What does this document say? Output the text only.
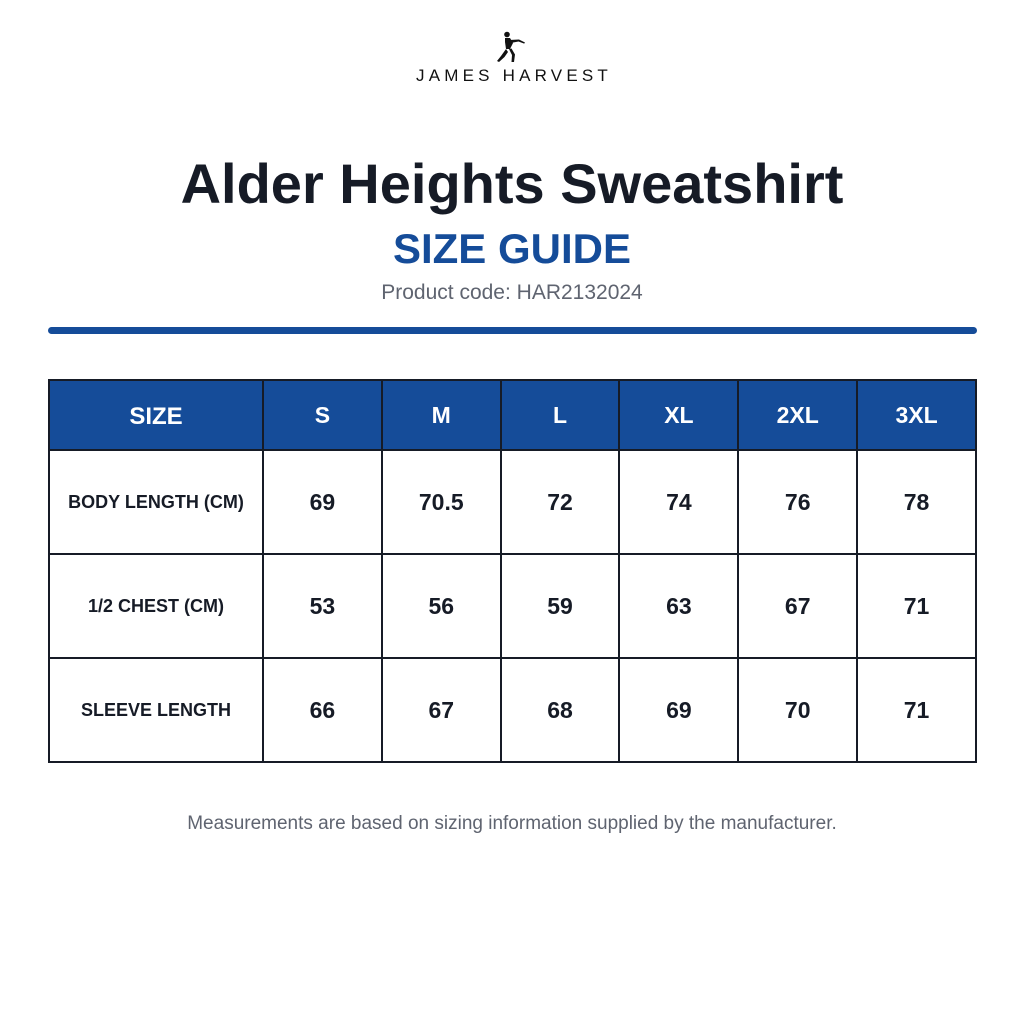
JAMES HARVEST
Alder Heights Sweatshirt
SIZE GUIDE
Product code: HAR2132024
SIZE	S	M	L	XL	2XL	3XL
BODY LENGTH (CM)	69	70.5	72	74	76	78
1/2 CHEST (CM)	53	56	59	63	67	71
SLEEVE LENGTH	66	67	68	69	70	71
Measurements are based on sizing information supplied by the manufacturer.
